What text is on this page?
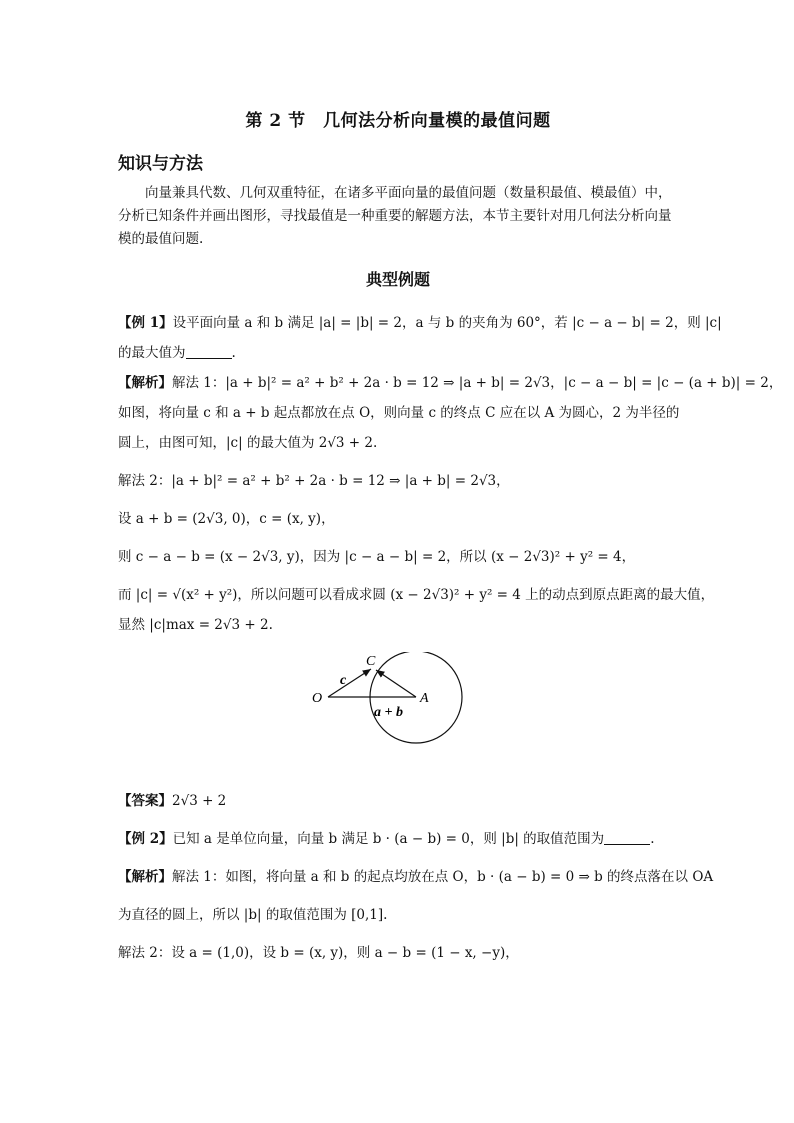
第 2 节　几何法分析向量模的最值问题
知识与方法

向量兼具代数、几何双重特征，在诸多平面向量的最值问题（数量积最值、模最值）中，分析已知条件并画出图形，寻找最值是一种重要的解题方法，本节主要针对用几何法分析向量模的最值问题.

典型例题

【例 1】设平面向量 a 和 b 满足 |a| = |b| = 2，a 与 b 的夹角为 60°，若 |c − a − b| = 2，则 |c|

的最大值为	.

【解析】解法 1：|a + b|² = a² + b² + 2a · b = 12 ⇒ |a + b| = 2√3，|c − a − b| = |c − (a + b)| = 2，

如图，将向量 c 和 a + b 起点都放在点 O，则向量 c 的终点 C 应在以 A 为圆心，2 为半径的

圆上，由图可知，|c| 的最大值为 2√3 + 2.

解法 2：|a + b|² = a² + b² + 2a · b = 12 ⇒ |a + b| = 2√3，

设 a + b = (2√3, 0)，c = (x, y)，

则 c − a − b = (x − 2√3, y)，因为 |c − a − b| = 2，所以 (x − 2√3)² + y² = 4，

而 |c| = √(x² + y²)，所以问题可以看成求圆 (x − 2√3)² + y² = 4 上的动点到原点距离的最大值，

显然 |c|max = 2√3 + 2.

O	A
C
c
a + b

【答案】2√3 + 2

【例 2】已知 a 是单位向量，向量 b 满足 b · (a − b) = 0，则 |b| 的取值范围为	.

【解析】解法 1：如图，将向量 a 和 b 的起点均放在点 O，b · (a − b) = 0 ⇒ b 的终点落在以 OA

为直径的圆上，所以 |b| 的取值范围为 [0,1].

解法 2：设 a = (1,0)，设 b = (x, y)，则 a − b = (1 − x, −y)，
